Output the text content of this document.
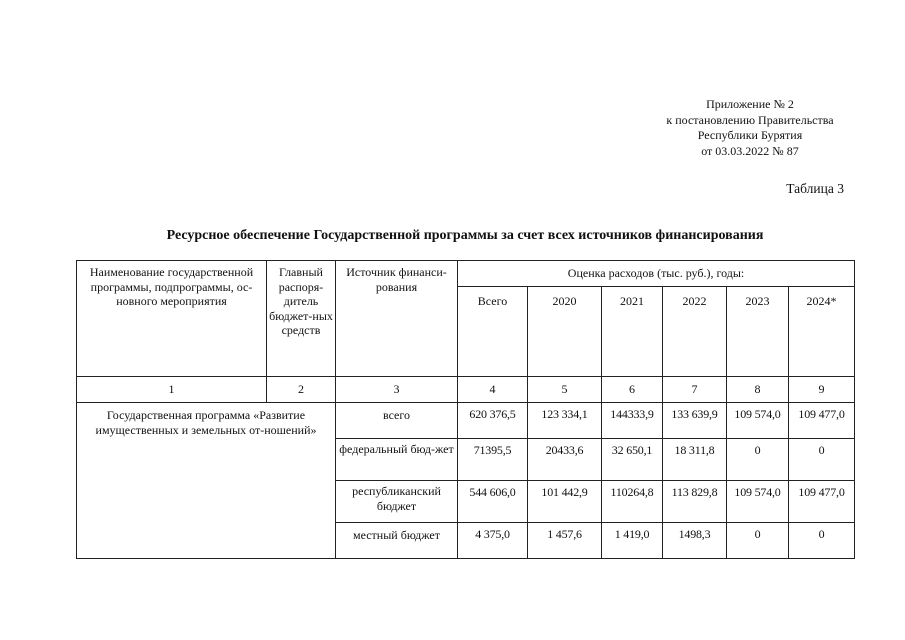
Приложение № 2
к постановлению Правительства
Республики Бурятия
от 03.03.2022 № 87
Таблица 3
Ресурсное обеспечение Государственной программы за счет всех источников финансирования
Наименование государственной программы, подпрограммы, ос-новного мероприятия	Главный распоря-дитель бюджет-ных средств	Источник финанси-рования	Оценка расходов (тыс. руб.), годы:					
			Всего	2020	2021	2022	2023	2024*
1	2	3	4	5	6	7	8	9
Государственная программа «Развитие имущественных и земельных от-ношений»		всего	620 376,5	123 334,1	144333,9	133 639,9	109 574,0	109 477,0
		федеральный бюд-жет	71395,5	20433,6	32 650,1	18 311,8	0	0
		республиканский бюджет	544 606,0	101 442,9	110264,8	113 829,8	109 574,0	109 477,0
		местный бюджет	4 375,0	1 457,6	1 419,0	1498,3	0	0
